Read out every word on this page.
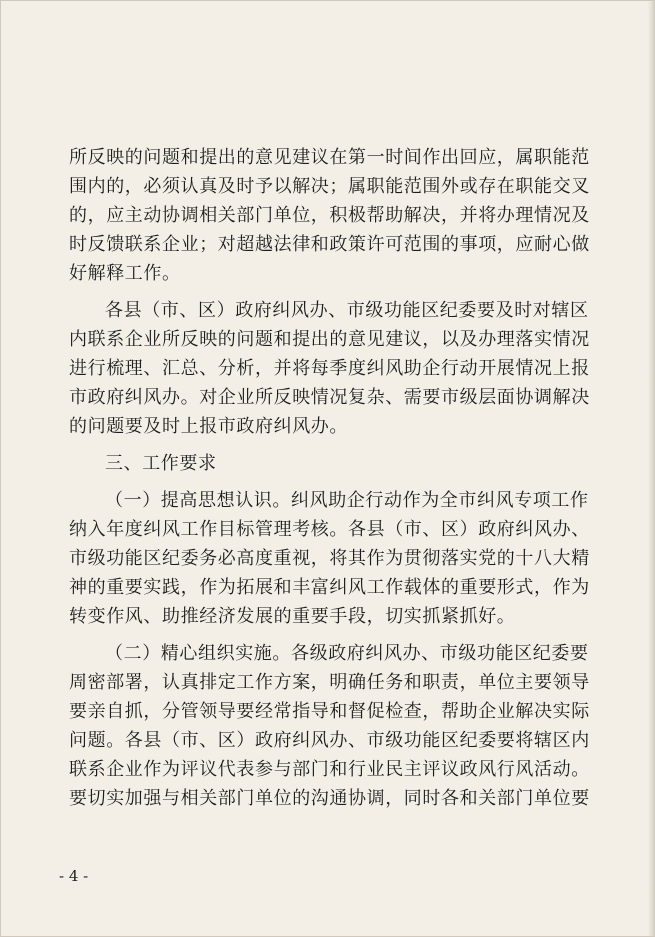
所反映的问题和提出的意见建议在第一时间作出回应，属职能范
围内的，必须认真及时予以解决；属职能范围外或存在职能交叉
的，应主动协调相关部门单位，积极帮助解决，并将办理情况及
时反馈联系企业；对超越法律和政策许可范围的事项，应耐心做
好解释工作。
各县（市、区）政府纠风办、市级功能区纪委要及时对辖区
内联系企业所反映的问题和提出的意见建议，以及办理落实情况
进行梳理、汇总、分析，并将每季度纠风助企行动开展情况上报
市政府纠风办。对企业所反映情况复杂、需要市级层面协调解决
的问题要及时上报市政府纠风办。
三、工作要求
（一）提高思想认识。纠风助企行动作为全市纠风专项工作
纳入年度纠风工作目标管理考核。各县（市、区）政府纠风办、
市级功能区纪委务必高度重视，将其作为贯彻落实党的十八大精
神的重要实践，作为拓展和丰富纠风工作载体的重要形式，作为
转变作风、助推经济发展的重要手段，切实抓紧抓好。
（二）精心组织实施。各级政府纠风办、市级功能区纪委要
周密部署，认真排定工作方案，明确任务和职责，单位主要领导
要亲自抓，分管领导要经常指导和督促检查，帮助企业解决实际
问题。各县（市、区）政府纠风办、市级功能区纪委要将辖区内
联系企业作为评议代表参与部门和行业民主评议政风行风活动。
要切实加强与相关部门单位的沟通协调，同时各和关部门单位要
- 4 -
